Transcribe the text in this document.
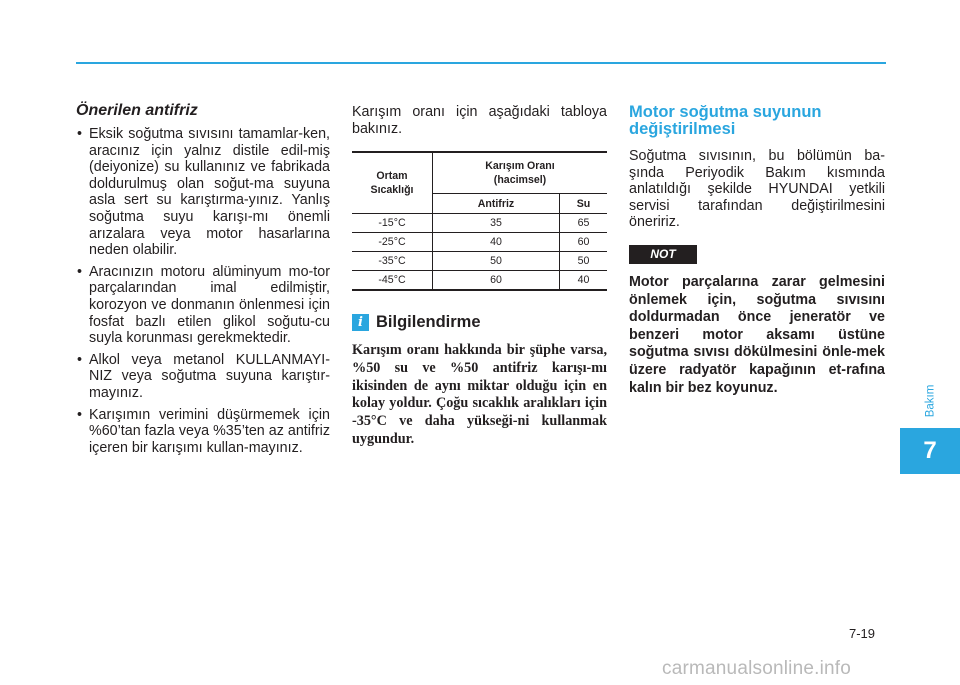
Önerilen antifriz
• Eksik soğutma sıvısını tamamlar-ken, aracınız için yalnız distile edil-miş (deiyonize) su kullanınız ve fabrikada doldurulmuş olan soğut-ma suyuna asla sert su karıştırma-yınız. Yanlış soğutma suyu karışı-mı önemli arızalara veya motor hasarlarına neden olabilir.
• Aracınızın motoru alüminyum mo-tor parçalarından imal edilmiştir, korozyon ve donmanın önlenmesi için fosfat bazlı etilen glikol soğutu-cu suyla korunması gerekmektedir.
• Alkol veya metanol KULLANMAYI-NIZ veya soğutma suyuna karıştır-mayınız.
• Karışımın verimini düşürmemek için %60’tan fazla veya %35’ten az antifriz içeren bir karışımı kullan-mayınız.

Karışım oranı için aşağıdaki tabloya bakınız.

Ortam
Sıcaklığı	Karışım Oranı
(hacimsel)	
	Antifriz	Su
-15°C	35	65
-25°C	40	60
-35°C	50	50
-45°C	60	40
i Bilgilendirme
Karışım oranı hakkında bir şüphe varsa, %50 su ve %50 antifriz karışı-mı ikisinden de aynı miktar olduğu için en kolay yoldur. Çoğu sıcaklık aralıkları için -35°C ve daha yükseği-ni kullanmak uygundur.
Motor soğutma suyunun
değiştirilmesi

Soğutma sıvısının, bu bölümün ba-şında Periyodik Bakım kısmında anlatıldığı şekilde HYUNDAI yetkili servisi tarafından değiştirilmesini öneririz.

NOT
Motor parçalarına zarar gelmesini önlemek için, soğutma sıvısını doldurmadan önce jeneratör ve benzeri motor aksamı üstüne soğutma sıvısı dökülmesini önle-mek üzere radyatör kapağının et-rafına kalın bir bez koyunuz.	Bakım
7
7-19
carmanualsonline.info
